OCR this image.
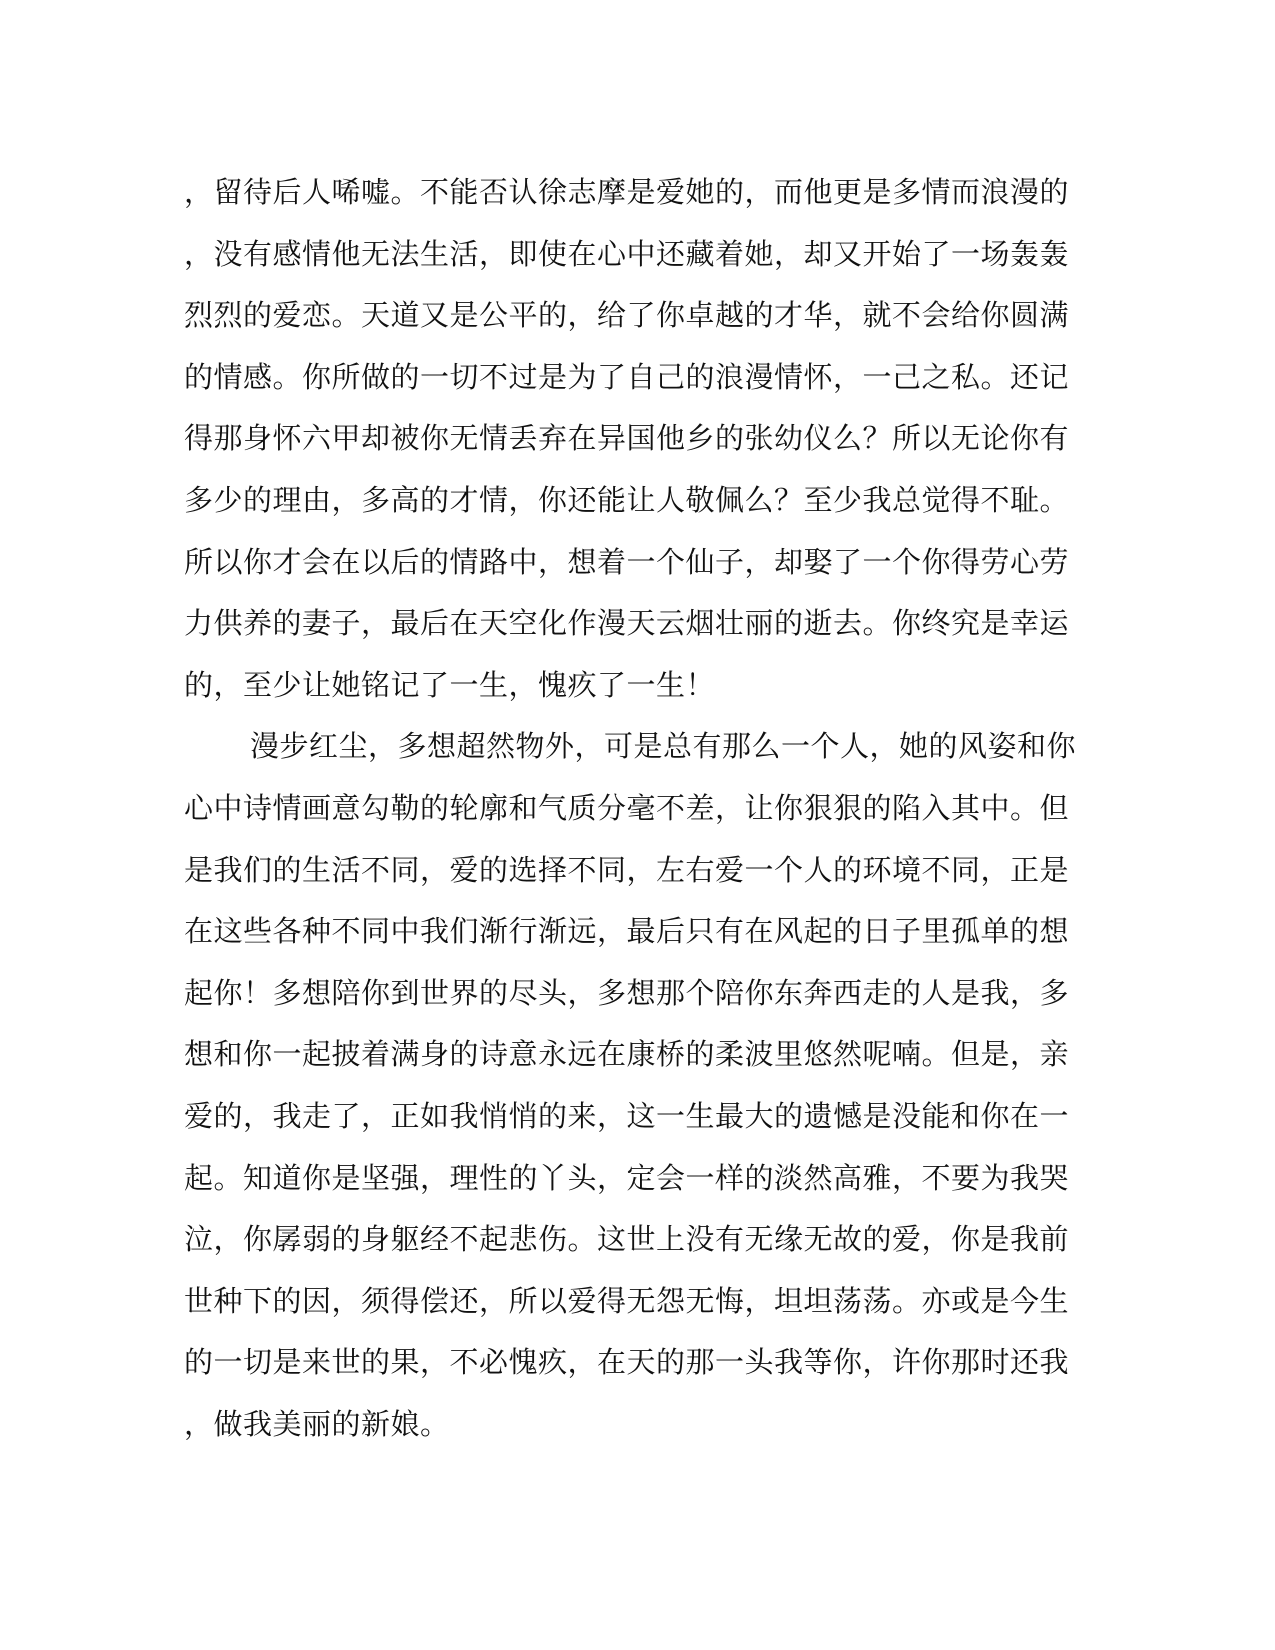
，留待后人唏嘘。不能否认徐志摩是爱她的，而他更是多情而浪漫的
，没有感情他无法生活，即使在心中还藏着她，却又开始了一场轰轰
烈烈的爱恋。天道又是公平的，给了你卓越的才华，就不会给你圆满
的情感。你所做的一切不过是为了自己的浪漫情怀，一己之私。还记
得那身怀六甲却被你无情丢弃在异国他乡的张幼仪么？所以无论你有
多少的理由，多高的才情，你还能让人敬佩么？至少我总觉得不耻。
所以你才会在以后的情路中，想着一个仙子，却娶了一个你得劳心劳
力供养的妻子，最后在天空化作漫天云烟壮丽的逝去。你终究是幸运
的，至少让她铭记了一生，愧疚了一生！
漫步红尘，多想超然物外，可是总有那么一个人，她的风姿和你
心中诗情画意勾勒的轮廓和气质分毫不差，让你狠狠的陷入其中。但
是我们的生活不同，爱的选择不同，左右爱一个人的环境不同，正是
在这些各种不同中我们渐行渐远，最后只有在风起的日子里孤单的想
起你！多想陪你到世界的尽头，多想那个陪你东奔西走的人是我，多
想和你一起披着满身的诗意永远在康桥的柔波里悠然呢喃。但是，亲
爱的，我走了，正如我悄悄的来，这一生最大的遗憾是没能和你在一
起。知道你是坚强，理性的丫头，定会一样的淡然高雅，不要为我哭
泣，你孱弱的身躯经不起悲伤。这世上没有无缘无故的爱，你是我前
世种下的因，须得偿还，所以爱得无怨无悔，坦坦荡荡。亦或是今生
的一切是来世的果，不必愧疚，在天的那一头我等你，许你那时还我
，做我美丽的新娘。
